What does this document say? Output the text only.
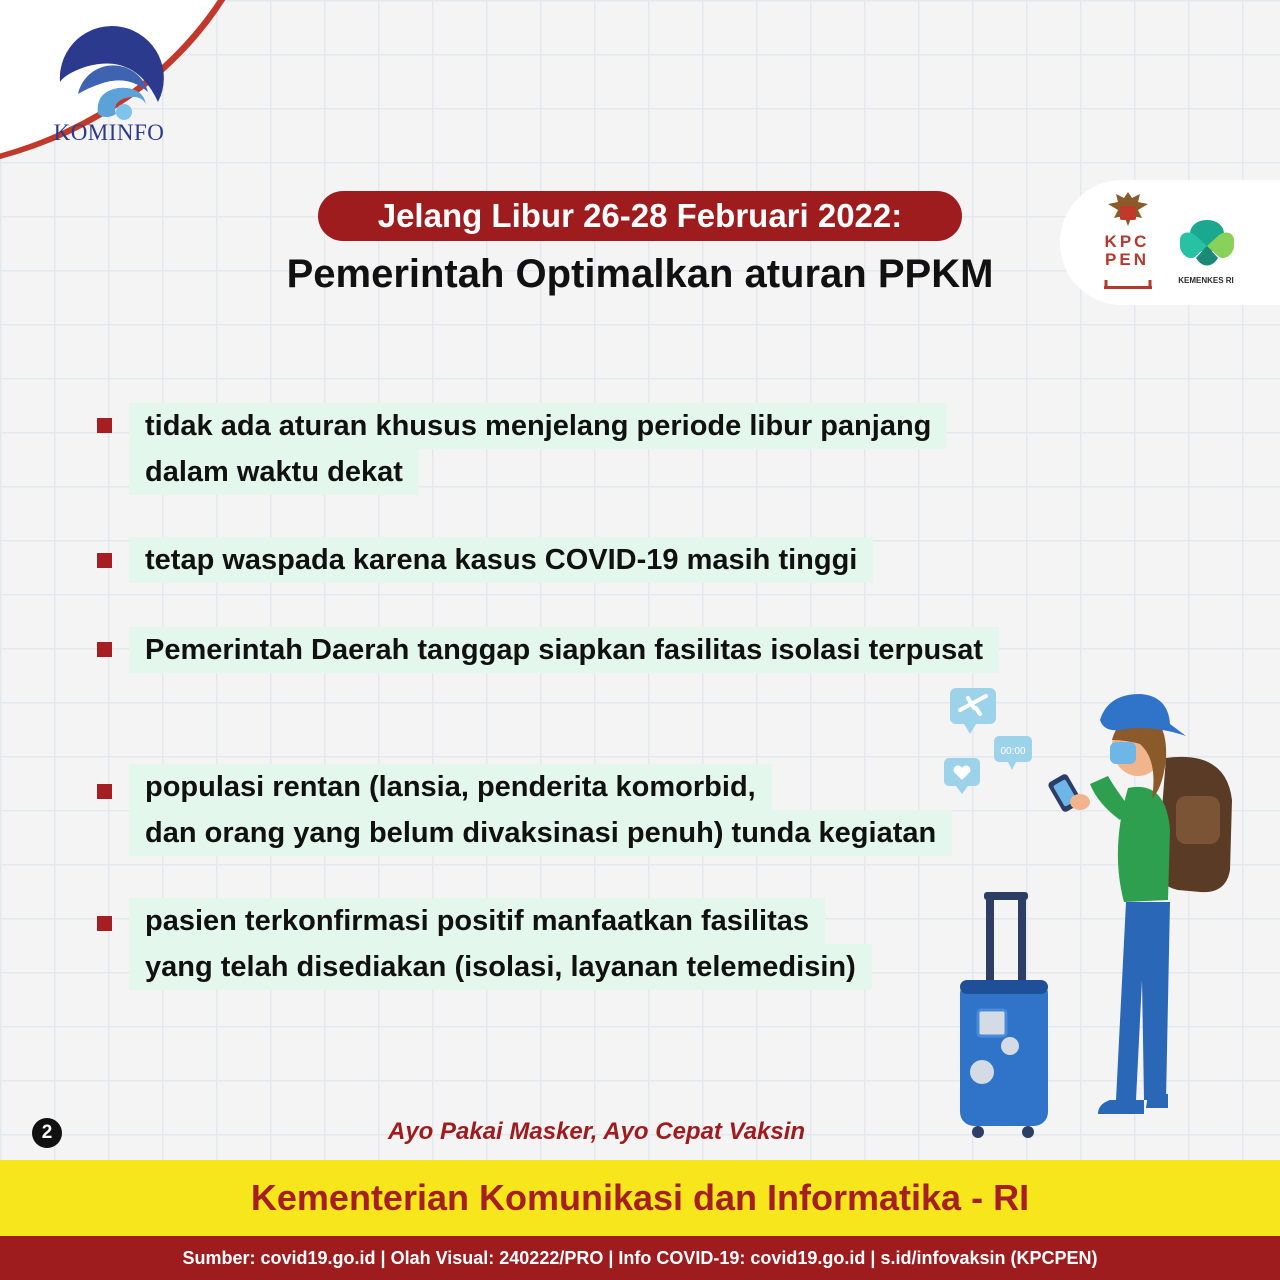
KOMINFO
KPC
PEN
KEMENKES RI
Jelang Libur 26-28 Februari 2022:
Pemerintah Optimalkan aturan PPKM
tidak ada aturan khusus menjelang periode libur panjang
dalam waktu dekat
tetap waspada karena kasus COVID-19 masih tinggi
Pemerintah Daerah tanggap siapkan fasilitas isolasi terpusat
populasi rentan (lansia, penderita komorbid,
dan orang yang belum divaksinasi penuh) tunda kegiatan
pasien terkonfirmasi positif manfaatkan fasilitas
yang telah disediakan (isolasi, layanan telemedisin)
00:00
2	Ayo Pakai Masker, Ayo Cepat Vaksin
Kementerian Komunikasi dan Informatika - RI
Sumber: covid19.go.id | Olah Visual: 240222/PRO | Info COVID-19: covid19.go.id | s.id/infovaksin (KPCPEN)
